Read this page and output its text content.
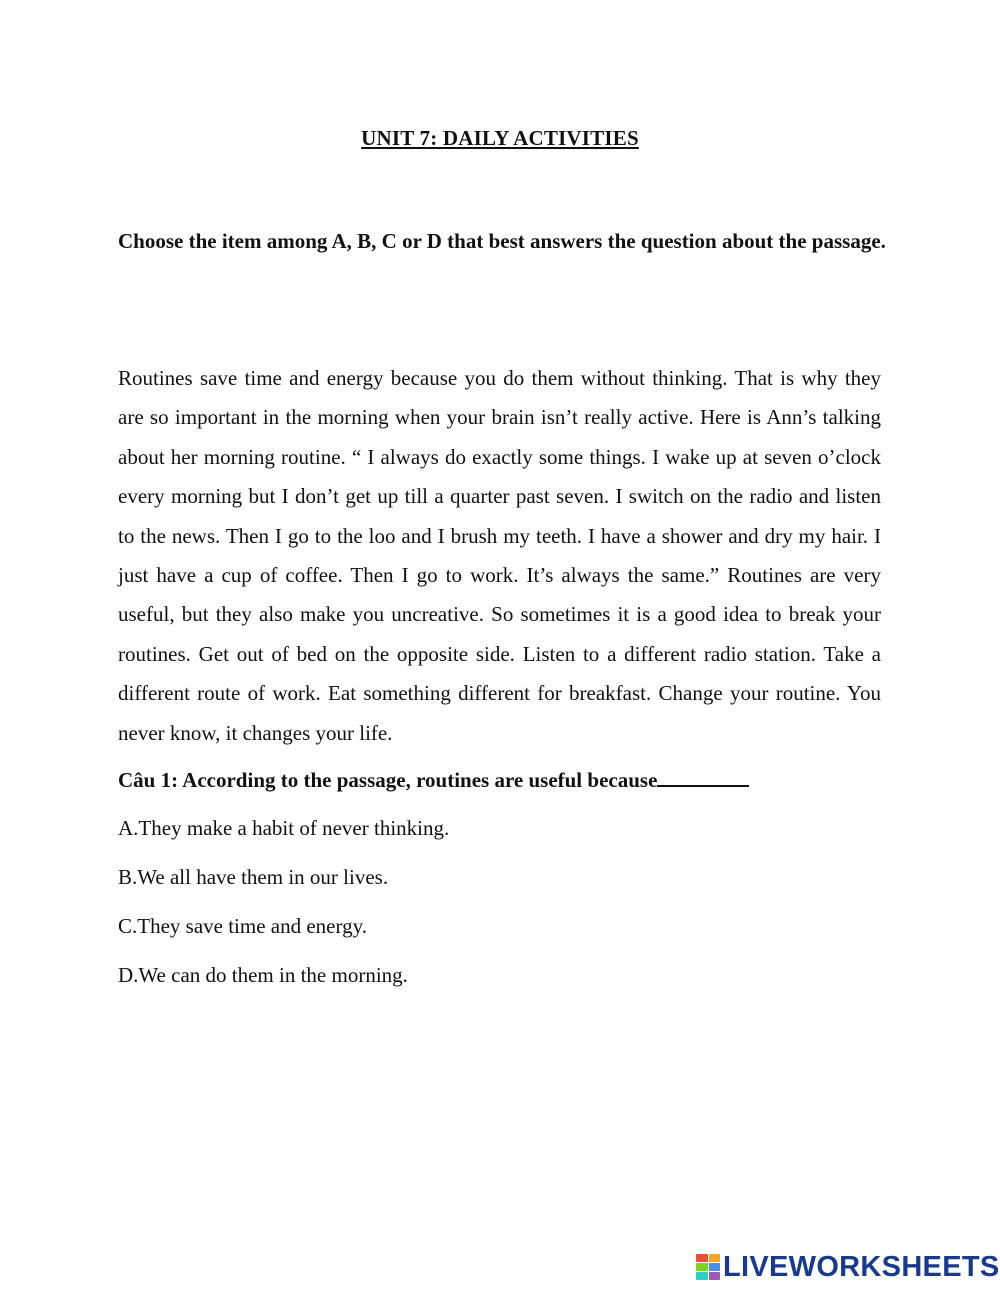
UNIT 7: DAILY ACTIVITIES
Choose the item among A, B, C or D that best answers the question about the passage.
Routines save time and energy because you do them without thinking. That is why they are so important in the morning when your brain isn’t really active. Here is Ann’s talking about her morning routine. “ I always do exactly some things. I wake up at seven o’clock every morning but I don’t get up till a quarter past seven. I switch on the radio and listen to the news. Then I go to the loo and I brush my teeth. I have a shower and dry my hair. I just have a cup of coffee. Then I go to work. It’s always the same.” Routines are very useful, but they also make you uncreative. So sometimes it is a good idea to break your routines. Get out of bed on the opposite side. Listen to a different radio station. Take a different route of work. Eat something different for breakfast. Change your routine. You never know, it changes your life.
Câu 1: According to the passage, routines are useful because
A.They make a habit of never thinking.
B.We all have them in our lives.
C.They save time and energy.
D.We can do them in the morning.
LIVEWORKSHEETS
